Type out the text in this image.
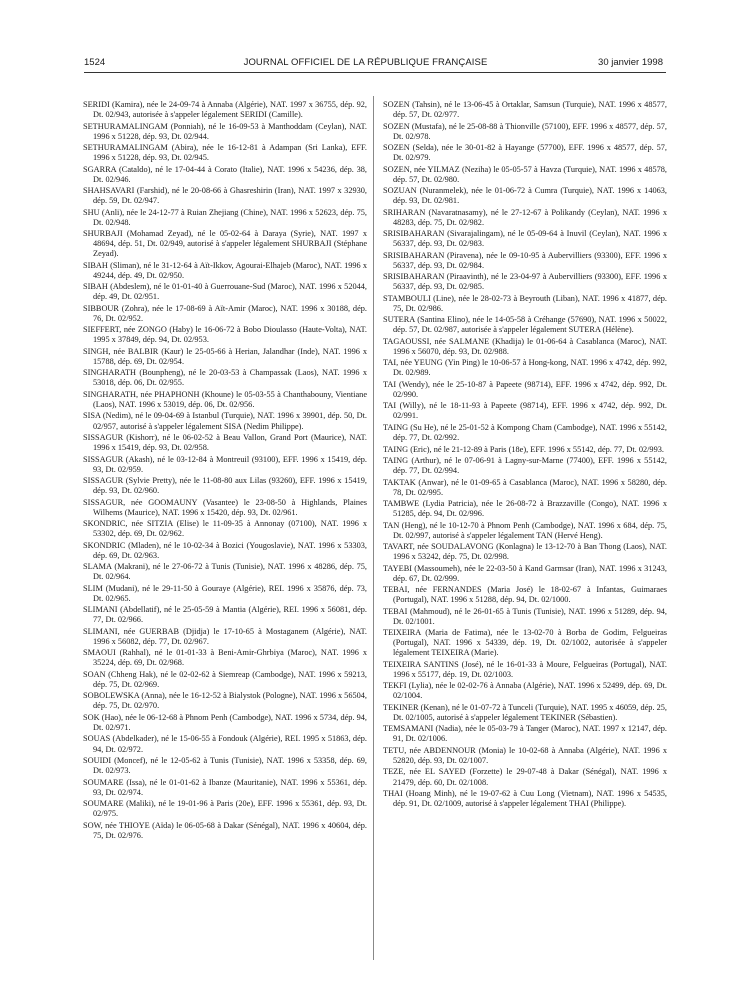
1524	JOURNAL OFFICIEL DE LA RÉPUBLIQUE FRANÇAISE	30 janvier 1998

SERIDI (Kamira), née le 24-09-74 à Annaba (Algérie), NAT. 1997 x 36755, dép. 92, Dt. 02/943, autorisée à s'appeler légalement SERIDI (Camille).

SETHURAMALINGAM (Ponniah), né le 16-09-53 à Manthoddam (Ceylan), NAT. 1996 x 51228, dép. 93, Dt. 02/944.

SETHURAMALINGAM (Abira), née le 16-12-81 à Adampan (Sri Lanka), EFF. 1996 x 51228, dép. 93, Dt. 02/945.

SGARRA (Cataldo), né le 17-04-44 à Corato (Italie), NAT. 1996 x 54236, dép. 38, Dt. 02/946.

SHAHSAVARI (Farshid), né le 20-08-66 à Ghasreshirin (Iran), NAT. 1997 x 32930, dép. 59, Dt. 02/947.

SHU (Anli), née le 24-12-77 à Ruian Zhejiang (Chine), NAT. 1996 x 52623, dép. 75, Dt. 02/948.

SHURBAJI (Mohamad Zeyad), né le 05-02-64 à Daraya (Syrie), NAT. 1997 x 48694, dép. 51, Dt. 02/949, autorisé à s'appeler légalement SHURBAJI (Stéphane Zeyad).

SIBAH (Sliman), né le 31-12-64 à Aït-Ikkov, Agourai-Elhajeb (Maroc), NAT. 1996 x 49244, dép. 49, Dt. 02/950.

SIBAH (Abdeslem), né le 01-01-40 à Guerrouane-Sud (Maroc), NAT. 1996 x 52044, dép. 49, Dt. 02/951.

SIBBOUR (Zohra), née le 17-08-69 à Aït-Amir (Maroc), NAT. 1996 x 30188, dép. 76, Dt. 02/952.

SIEFFERT, née ZONGO (Haby) le 16-06-72 à Bobo Dioulasso (Haute-Volta), NAT. 1995 x 37849, dép. 94, Dt. 02/953.

SINGH, née BALBIR (Kaur) le 25-05-66 à Herian, Jalandhar (Inde), NAT. 1996 x 15788, dép. 69, Dt. 02/954.

SINGHARATH (Bounpheng), né le 20-03-53 à Champassak (Laos), NAT. 1996 x 53018, dép. 06, Dt. 02/955.

SINGHARATH, née PHAPHONH (Khoune) le 05-03-55 à Chanthabouny, Vientiane (Laos), NAT. 1996 x 53019, dép. 06, Dt. 02/956.

SISA (Nedim), né le 09-04-69 à Istanbul (Turquie), NAT. 1996 x 39901, dép. 50, Dt. 02/957, autorisé à s'appeler légalement SISA (Nedim Philippe).

SISSAGUR (Kishorr), né le 06-02-52 à Beau Vallon, Grand Port (Maurice), NAT. 1996 x 15419, dép. 93, Dt. 02/958.

SISSAGUR (Akash), né le 03-12-84 à Montreuil (93100), EFF. 1996 x 15419, dép. 93, Dt. 02/959.

SISSAGUR (Sylvie Pretty), née le 11-08-80 aux Lilas (93260), EFF. 1996 x 15419, dép. 93, Dt. 02/960.

SISSAGUR, née GOOMAUNY (Vasantee) le 23-08-50 à Highlands, Plaines Wilhems (Maurice), NAT. 1996 x 15420, dép. 93, Dt. 02/961.

SKONDRIC, née SITZIA (Elise) le 11-09-35 à Annonay (07100), NAT. 1996 x 53302, dép. 69, Dt. 02/962.

SKONDRIC (Mladen), né le 10-02-34 à Bozici (Yougoslavie), NAT. 1996 x 53303, dép. 69, Dt. 02/963.

SLAMA (Makrani), né le 27-06-72 à Tunis (Tunisie), NAT. 1996 x 48286, dép. 75, Dt. 02/964.

SLIM (Mudani), né le 29-11-50 à Gouraye (Algérie), REI. 1996 x 35876, dép. 73, Dt. 02/965.

SLIMANI (Abdellatif), né le 25-05-59 à Mantia (Algérie), REI. 1996 x 56081, dép. 77, Dt. 02/966.

SLIMANI, née GUERBAB (Djidja) le 17-10-65 à Mostaganem (Algérie), NAT. 1996 x 56082, dép. 77, Dt. 02/967.

SMAOUI (Rahhal), né le 01-01-33 à Beni-Amir-Ghrbiya (Maroc), NAT. 1996 x 35224, dép. 69, Dt. 02/968.

SOAN (Chheng Hak), né le 02-02-62 à Siemreap (Cambodge), NAT. 1996 x 59213, dép. 75, Dt. 02/969.

SOBOLEWSKA (Anna), née le 16-12-52 à Bialystok (Pologne), NAT. 1996 x 56504, dép. 75, Dt. 02/970.

SOK (Hao), née le 06-12-68 à Phnom Penh (Cambodge), NAT. 1996 x 5734, dép. 94, Dt. 02/971.

SOUAS (Abdelkader), né le 15-06-55 à Fondouk (Algérie), REI. 1995 x 51863, dép. 94, Dt. 02/972.

SOUIDI (Moncef), né le 12-05-62 à Tunis (Tunisie), NAT. 1996 x 53358, dép. 69, Dt. 02/973.

SOUMARE (Issa), né le 01-01-62 à Ibanze (Mauritanie), NAT. 1996 x 55361, dép. 93, Dt. 02/974.

SOUMARE (Maliki), né le 19-01-96 à Paris (20e), EFF. 1996 x 55361, dép. 93, Dt. 02/975.

SOW, née THIOYE (Aïda) le 06-05-68 à Dakar (Sénégal), NAT. 1996 x 40604, dép. 75, Dt. 02/976.

SOZEN (Tahsin), né le 13-06-45 à Ortaklar, Samsun (Turquie), NAT. 1996 x 48577, dép. 57, Dt. 02/977.

SOZEN (Mustafa), né le 25-08-88 à Thionville (57100), EFF. 1996 x 48577, dép. 57, Dt. 02/978.

SOZEN (Selda), née le 30-01-82 à Hayange (57700), EFF. 1996 x 48577, dép. 57, Dt. 02/979.

SOZEN, née YILMAZ (Neziha) le 05-05-57 à Havza (Turquie), NAT. 1996 x 48578, dép. 57, Dt. 02/980.

SOZUAN (Nuranmelek), née le 01-06-72 à Cumra (Turquie), NAT. 1996 x 14063, dép. 93, Dt. 02/981.

SRIHARAN (Navaratnasamy), né le 27-12-67 à Polikandy (Ceylan), NAT. 1996 x 48283, dép. 75, Dt. 02/982.

SRISIBAHARAN (Sivarajalingam), né le 05-09-64 à Inuvil (Ceylan), NAT. 1996 x 56337, dép. 93, Dt. 02/983.

SRISIBAHARAN (Piravena), née le 09-10-95 à Aubervilliers (93300), EFF. 1996 x 56337, dép. 93, Dt. 02/984.

SRISIBAHARAN (Piraavinth), né le 23-04-97 à Aubervilliers (93300), EFF. 1996 x 56337, dép. 93, Dt. 02/985.

STAMBOULI (Line), née le 28-02-73 à Beyrouth (Liban), NAT. 1996 x 41877, dép. 75, Dt. 02/986.

SUTERA (Santina Elino), née le 14-05-58 à Créhange (57690), NAT. 1996 x 50022, dép. 57, Dt. 02/987, autorisée à s'appeler légalement SUTERA (Hélène).

TAGAOUSSI, née SALMANE (Khadija) le 01-06-64 à Casablanca (Maroc), NAT. 1996 x 56070, dép. 93, Dt. 02/988.

TAI, née YEUNG (Yin Ping) le 10-06-57 à Hong-kong, NAT. 1996 x 4742, dép. 992, Dt. 02/989.

TAI (Wendy), née le 25-10-87 à Papeete (98714), EFF. 1996 x 4742, dép. 992, Dt. 02/990.

TAI (Willy), né le 18-11-93 à Papeete (98714), EFF. 1996 x 4742, dép. 992, Dt. 02/991.

TAING (Su He), né le 25-01-52 à Kompong Cham (Cambodge), NAT. 1996 x 55142, dép. 77, Dt. 02/992.

TAING (Eric), né le 21-12-89 à Paris (18e), EFF. 1996 x 55142, dép. 77, Dt. 02/993.

TAING (Arthur), né le 07-06-91 à Lagny-sur-Marne (77400), EFF. 1996 x 55142, dép. 77, Dt. 02/994.

TAKTAK (Anwar), né le 01-09-65 à Casablanca (Maroc), NAT. 1996 x 58280, dép. 78, Dt. 02/995.

TAMBWE (Lydia Patricia), née le 26-08-72 à Brazzaville (Congo), NAT. 1996 x 51285, dép. 94, Dt. 02/996.

TAN (Heng), né le 10-12-70 à Phnom Penh (Cambodge), NAT. 1996 x 684, dép. 75, Dt. 02/997, autorisé à s'appeler légalement TAN (Hervé Heng).

TAVART, née SOUDALAVONG (Konlagna) le 13-12-70 à Ban Thong (Laos), NAT. 1996 x 53242, dép. 75, Dt. 02/998.

TAYEBI (Massoumeh), née le 22-03-50 à Kand Garmsar (Iran), NAT. 1996 x 31243, dép. 67, Dt. 02/999.

TEBAI, née FERNANDES (Maria José) le 18-02-67 à Infantas, Guimaraes (Portugal), NAT. 1996 x 51288, dép. 94, Dt. 02/1000.

TEBAI (Mahmoud), né le 26-01-65 à Tunis (Tunisie), NAT. 1996 x 51289, dép. 94, Dt. 02/1001.

TEIXEIRA (Maria de Fatima), née le 13-02-70 à Borba de Godim, Felgueiras (Portugal), NAT. 1996 x 54339, dép. 19, Dt. 02/1002, autorisée à s'appeler légalement TEIXEIRA (Marie).

TEIXEIRA SANTINS (José), né le 16-01-33 à Moure, Felgueiras (Portugal), NAT. 1996 x 55177, dép. 19, Dt. 02/1003.

TEKFI (Lylia), née le 02-02-76 à Annaba (Algérie), NAT. 1996 x 52499, dép. 69, Dt. 02/1004.

TEKINER (Kenan), né le 01-07-72 à Tunceli (Turquie), NAT. 1995 x 46059, dép. 25, Dt. 02/1005, autorisé à s'appeler légalement TEKINER (Sébastien).

TEMSAMANI (Nadia), née le 05-03-79 à Tanger (Maroc), NAT. 1997 x 12147, dép. 91, Dt. 02/1006.

TETU, née ABDENNOUR (Monia) le 10-02-68 à Annaba (Algérie), NAT. 1996 x 52820, dép. 93, Dt. 02/1007.

TEZE, née EL SAYED (Forzette) le 29-07-48 à Dakar (Sénégal), NAT. 1996 x 21479, dép. 60, Dt. 02/1008.

THAI (Hoang Minh), né le 19-07-62 à Cuu Long (Vietnam), NAT. 1996 x 54535, dép. 91, Dt. 02/1009, autorisé à s'appeler légalement THAI (Philippe).
